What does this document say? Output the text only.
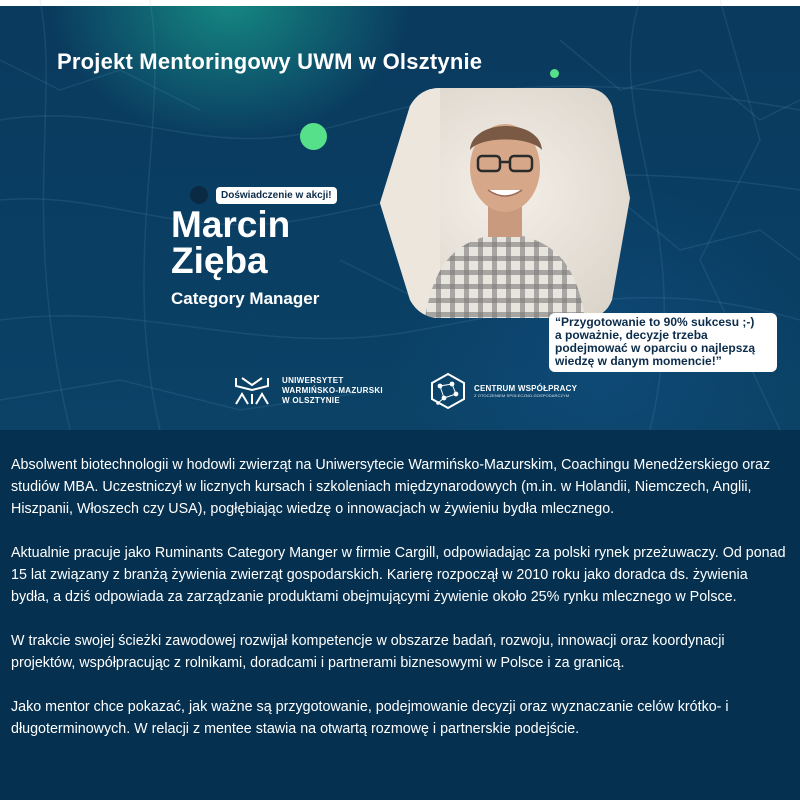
Projekt Mentoringowy UWM w Olsztynie
Doświadczenie w akcji!
Marcin
Zięba
Category Manager
“Przygotowanie to 90% sukcesu ;-)
a poważnie, decyzje trzeba
podejmować w oparciu o najlepszą
wiedzę w danym momencie!”
UNIWERSYTET
WARMIŃSKO-MAZURSKI
W OLSZTYNIE
CENTRUM WSPÓŁPRACY
Z OTOCZENIEM SPOŁECZNO-GOSPODARCZYM

Absolwent biotechnologii w hodowli zwierząt na Uniwersytecie Warmińsko-Mazurskim, Coachingu Menedżerskiego oraz studiów MBA. Uczestniczył w licznych kursach i szkoleniach międzynarodowych (m.in. w Holandii, Niemczech, Anglii, Hiszpanii, Włoszech czy USA), pogłębiając wiedzę o innowacjach w żywieniu bydła mlecznego.

Aktualnie pracuje jako Ruminants Category Manger w firmie Cargill, odpowiadając za polski rynek przeżuwaczy. Od ponad 15 lat związany z branżą żywienia zwierząt gospodarskich. Karierę rozpoczął w 2010 roku jako doradca ds. żywienia bydła, a dziś odpowiada za zarządzanie produktami obejmującymi żywienie około 25% rynku mlecznego w Polsce.

W trakcie swojej ścieżki zawodowej rozwijał kompetencje w obszarze badań, rozwoju, innowacji oraz koordynacji projektów, współpracując z rolnikami, doradcami i partnerami biznesowymi w Polsce i za granicą.

Jako mentor chce pokazać, jak ważne są przygotowanie, podejmowanie decyzji oraz wyznaczanie celów krótko- i długoterminowych. W relacji z mentee stawia na otwartą rozmowę i partnerskie podejście.
